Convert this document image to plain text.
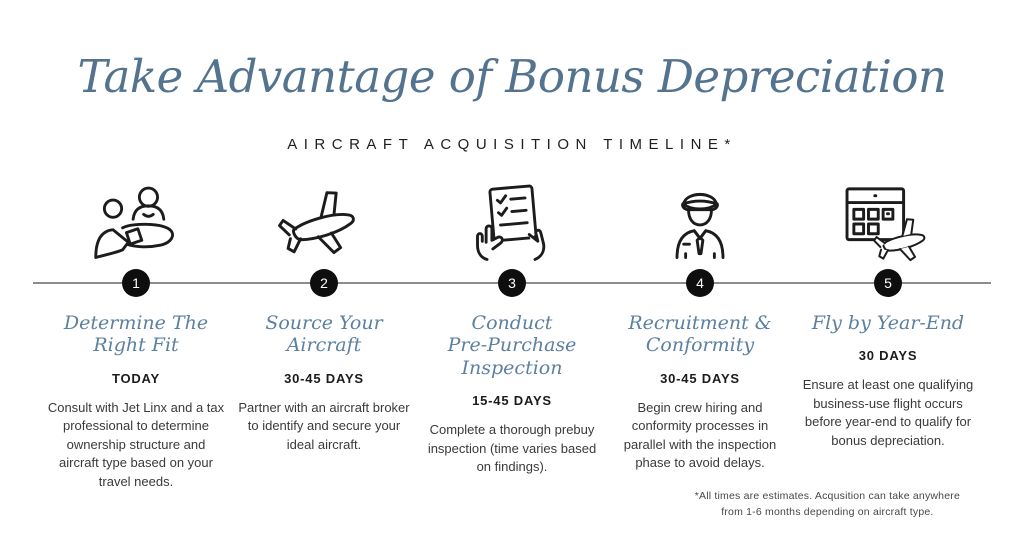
Take Advantage of Bonus Depreciation
AIRCRAFT ACQUISITION TIMELINE*
1
Determine The
Right Fit
TODAY
Consult with Jet Linx and a tax professional to determine ownership structure and aircraft type based on your travel needs.
2
Source Your
Aircraft
30-45 DAYS
Partner with an aircraft broker to identify and secure your ideal aircraft.
3
Conduct
Pre-Purchase
Inspection
15-45 DAYS
Complete a thorough prebuy inspection (time varies based on findings).
4
Recruitment &
Conformity
30-45 DAYS
Begin crew hiring and conformity processes in parallel with the inspection phase to avoid delays.
5
Fly by Year-End
30 DAYS
Ensure at least one qualifying business-use flight occurs before year-end to qualify for bonus depreciation.
*All times are estimates. Acqusition can take anywhere
from 1-6 months depending on aircraft type.
